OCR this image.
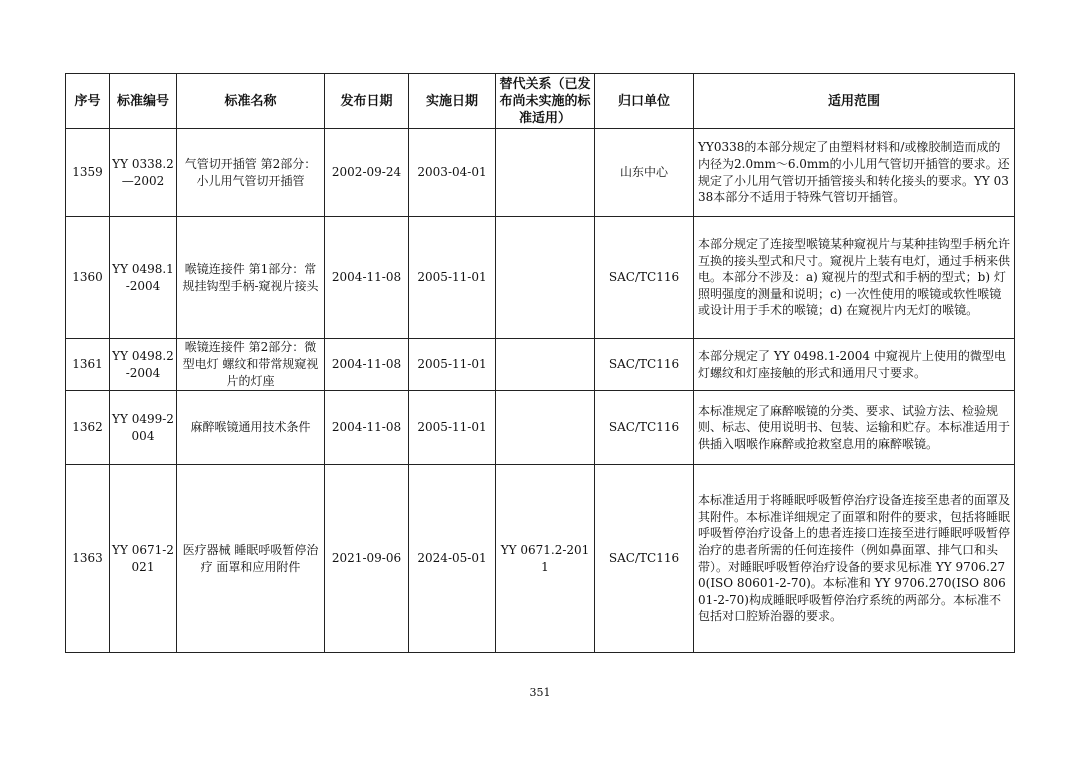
序号	标准编号	标准名称	发布日期	实施日期	替代关系（已发布尚未实施的标准适用）	归口单位	适用范围
1359	YY 0338.2—2002	气管切开插管 第2部分：小儿用气管切开插管	2002-09-24	2003-04-01		山东中心	YY0338的本部分规定了由塑料材料和/或橡胶制造而成的内径为2.0mm～6.0mm的小儿用气管切开插管的要求。还规定了小儿用气管切开插管接头和转化接头的要求。YY 0338本部分不适用于特殊气管切开插管。
1360	YY 0498.1-2004	喉镜连接件 第1部分：常规挂钩型手柄-窥视片接头	2004-11-08	2005-11-01		SAC/TC116	本部分规定了连接型喉镜某种窥视片与某种挂钩型手柄允许互换的接头型式和尺寸。窥视片上装有电灯，通过手柄来供电。本部分不涉及：a) 窥视片的型式和手柄的型式；b) 灯照明强度的测量和说明；c) 一次性使用的喉镜或软性喉镜或设计用于手术的喉镜；d) 在窥视片内无灯的喉镜。
1361	YY 0498.2-2004	喉镜连接件 第2部分：微型电灯 螺纹和带常规窥视片的灯座	2004-11-08	2005-11-01		SAC/TC116	本部分规定了 YY 0498.1-2004 中窥视片上使用的微型电灯螺纹和灯座接触的形式和通用尺寸要求。
1362	YY 0499-2004	麻醉喉镜通用技术条件	2004-11-08	2005-11-01		SAC/TC116	本标准规定了麻醉喉镜的分类、要求、试验方法、检验规则、标志、使用说明书、包装、运输和贮存。本标准适用于供插入咽喉作麻醉或抢救窒息用的麻醉喉镜。
1363	YY 0671-2021	医疗器械 睡眠呼吸暂停治疗 面罩和应用附件	2021-09-06	2024-05-01	YY 0671.2-2011	SAC/TC116	本标准适用于将睡眠呼吸暂停治疗设备连接至患者的面罩及其附件。本标准详细规定了面罩和附件的要求，包括将睡眠呼吸暂停治疗设备上的患者连接口连接至进行睡眠呼吸暂停治疗的患者所需的任何连接件（例如鼻面罩、排气口和头带）。对睡眠呼吸暂停治疗设备的要求见标准 YY 9706.270(ISO 80601-2-70)。本标准和 YY 9706.270(ISO 80601-2-70)构成睡眠呼吸暂停治疗系统的两部分。本标准不包括对口腔矫治器的要求。
351
